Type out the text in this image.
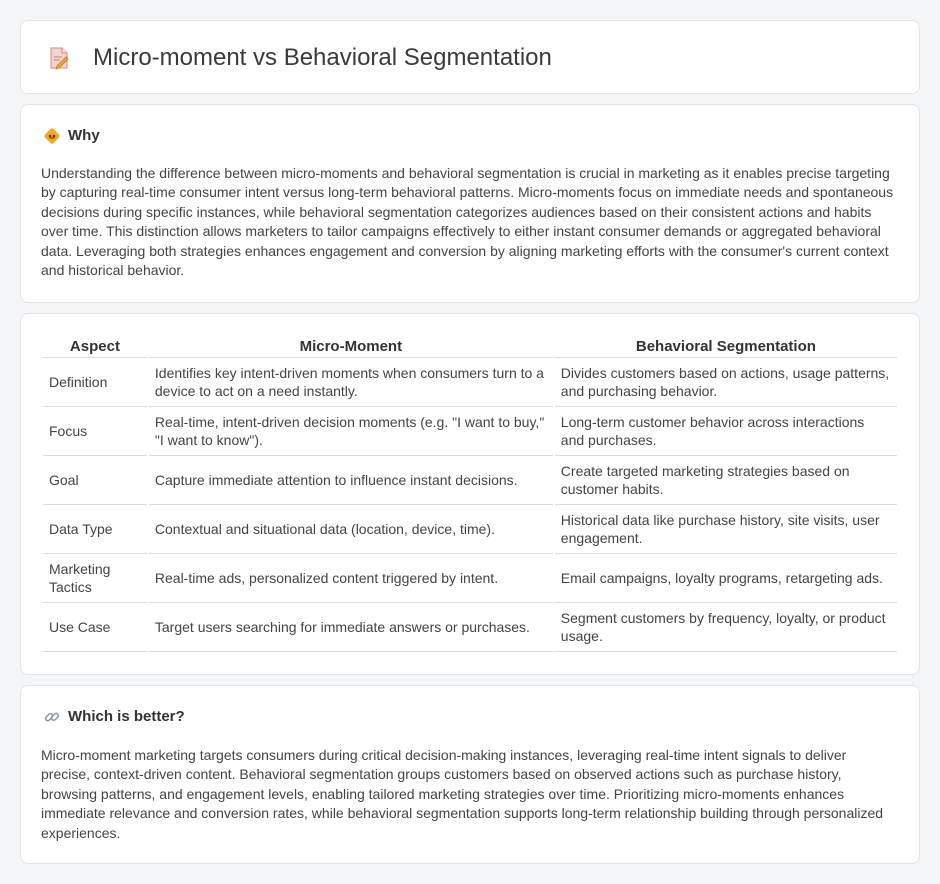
Micro-moment vs Behavioral Segmentation
Why

Understanding the difference between micro-moments and behavioral segmentation is crucial in marketing as it enables precise targeting by capturing real-time consumer intent versus long-term behavioral patterns. Micro-moments focus on immediate needs and spontaneous decisions during specific instances, while behavioral segmentation categorizes audiences based on their consistent actions and habits over time. This distinction allows marketers to tailor campaigns effectively to either instant consumer demands or aggregated behavioral data. Leveraging both strategies enhances engagement and conversion by aligning marketing efforts with the consumer's current context and historical behavior.

Aspect	Micro-Moment	Behavioral Segmentation
Definition	Identifies key intent-driven moments when consumers turn to a device to act on a need instantly.	Divides customers based on actions, usage patterns, and purchasing behavior.
Focus	Real-time, intent-driven decision moments (e.g. "I want to buy," "I want to know").	Long-term customer behavior across interactions and purchases.
Goal	Capture immediate attention to influence instant decisions.	Create targeted marketing strategies based on customer habits.
Data Type	Contextual and situational data (location, device, time).	Historical data like purchase history, site visits, user engagement.
Marketing Tactics	Real-time ads, personalized content triggered by intent.	Email campaigns, loyalty programs, retargeting ads.
Use Case	Target users searching for immediate answers or purchases.	Segment customers by frequency, loyalty, or product usage.
Which is better?

Micro-moment marketing targets consumers during critical decision-making instances, leveraging real-time intent signals to deliver precise, context-driven content. Behavioral segmentation groups customers based on observed actions such as purchase history, browsing patterns, and engagement levels, enabling tailored marketing strategies over time. Prioritizing micro-moments enhances immediate relevance and conversion rates, while behavioral segmentation supports long-term relationship building through personalized experiences.
